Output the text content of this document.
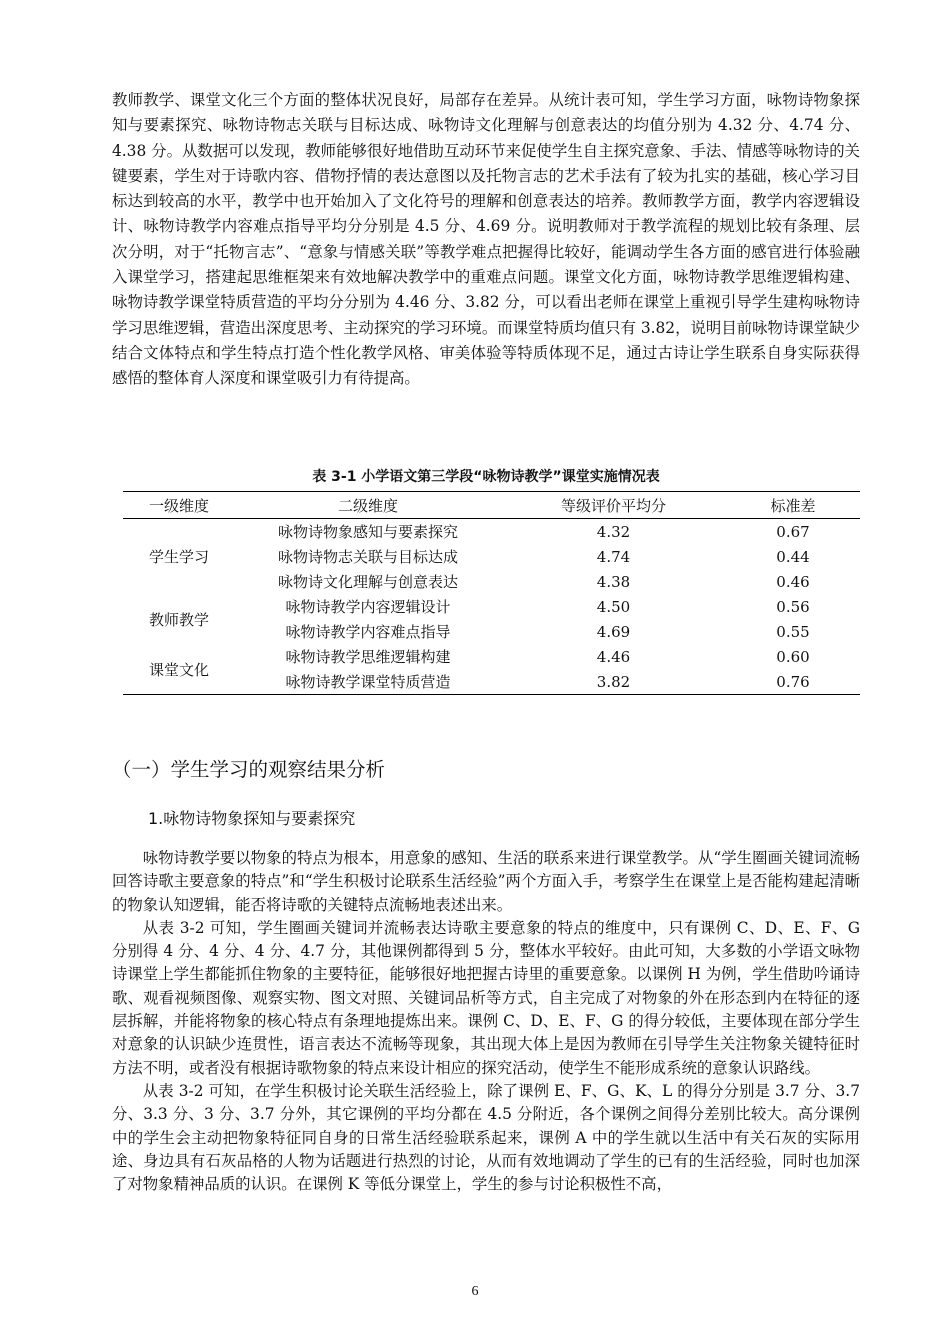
教师教学、课堂文化三个方面的整体状况良好，局部存在差异。从统计表可知，学生学习方面，咏物诗物象探知与要素探究、咏物诗物志关联与目标达成、咏物诗文化理解与创意表达的均值分别为 4.32 分、4.74 分、4.38 分。从数据可以发现，教师能够很好地借助互动环节来促使学生自主探究意象、手法、情感等咏物诗的关键要素，学生对于诗歌内容、借物抒情的表达意图以及托物言志的艺术手法有了较为扎实的基础，核心学习目标达到较高的水平，教学中也开始加入了文化符号的理解和创意表达的培养。教师教学方面，教学内容逻辑设计、咏物诗教学内容难点指导平均分分别是 4.5 分、4.69 分。说明教师对于教学流程的规划比较有条理、层次分明，对于“托物言志”、“意象与情感关联”等教学难点把握得比较好，能调动学生各方面的感官进行体验融入课堂学习，搭建起思维框架来有效地解决教学中的重难点问题。课堂文化方面，咏物诗教学思维逻辑构建、咏物诗教学课堂特质营造的平均分分别为 4.46 分、3.82 分，可以看出老师在课堂上重视引导学生建构咏物诗学习思维逻辑，营造出深度思考、主动探究的学习环境。而课堂特质均值只有 3.82，说明目前咏物诗课堂缺少结合文体特点和学生特点打造个性化教学风格、审美体验等特质体现不足，通过古诗让学生联系自身实际获得感悟的整体育人深度和课堂吸引力有待提高。

表 3-1 小学语文第三学段“咏物诗教学”课堂实施情况表

一级维度	二级维度	等级评价平均分	标准差
学生学习	咏物诗物象感知与要素探究	4.32	0.67
	咏物诗物志关联与目标达成	4.74	0.44
	咏物诗文化理解与创意表达	4.38	0.46
教师教学	咏物诗教学内容逻辑设计	4.50	0.56
	咏物诗教学内容难点指导	4.69	0.55
课堂文化	咏物诗教学思维逻辑构建	4.46	0.60
	咏物诗教学课堂特质营造	3.82	0.76
（一）学生学习的观察结果分析
1.咏物诗物象探知与要素探究

咏物诗教学要以物象的特点为根本，用意象的感知、生活的联系来进行课堂教学。从“学生圈画关键词流畅回答诗歌主要意象的特点”和“学生积极讨论联系生活经验”两个方面入手，考察学生在课堂上是否能构建起清晰的物象认知逻辑，能否将诗歌的关键特点流畅地表述出来。

从表 3-2 可知，学生圈画关键词并流畅表达诗歌主要意象的特点的维度中，只有课例 C、D、E、F、G 分别得 4 分、4 分、4 分、4.7 分，其他课例都得到 5 分，整体水平较好。由此可知，大多数的小学语文咏物诗课堂上学生都能抓住物象的主要特征，能够很好地把握古诗里的重要意象。以课例 H 为例，学生借助吟诵诗歌、观看视频图像、观察实物、图文对照、关键词品析等方式，自主完成了对物象的外在形态到内在特征的逐层拆解，并能将物象的核心特点有条理地提炼出来。课例 C、D、E、F、G 的得分较低，主要体现在部分学生对意象的认识缺少连贯性，语言表达不流畅等现象，其出现大体上是因为教师在引导学生关注物象关键特征时方法不明，或者没有根据诗歌物象的特点来设计相应的探究活动，使学生不能形成系统的意象认识路线。

从表 3-2 可知，在学生积极讨论关联生活经验上，除了课例 E、F、G、K、L 的得分分别是 3.7 分、3.7 分、3.3 分、3 分、3.7 分外，其它课例的平均分都在 4.5 分附近，各个课例之间得分差别比较大。高分课例中的学生会主动把物象特征同自身的日常生活经验联系起来，课例 A 中的学生就以生活中有关石灰的实际用途、身边具有石灰品格的人物为话题进行热烈的讨论，从而有效地调动了学生的已有的生活经验，同时也加深了对物象精神品质的认识。在课例 K 等低分课堂上，学生的参与讨论积极性不高，

6
